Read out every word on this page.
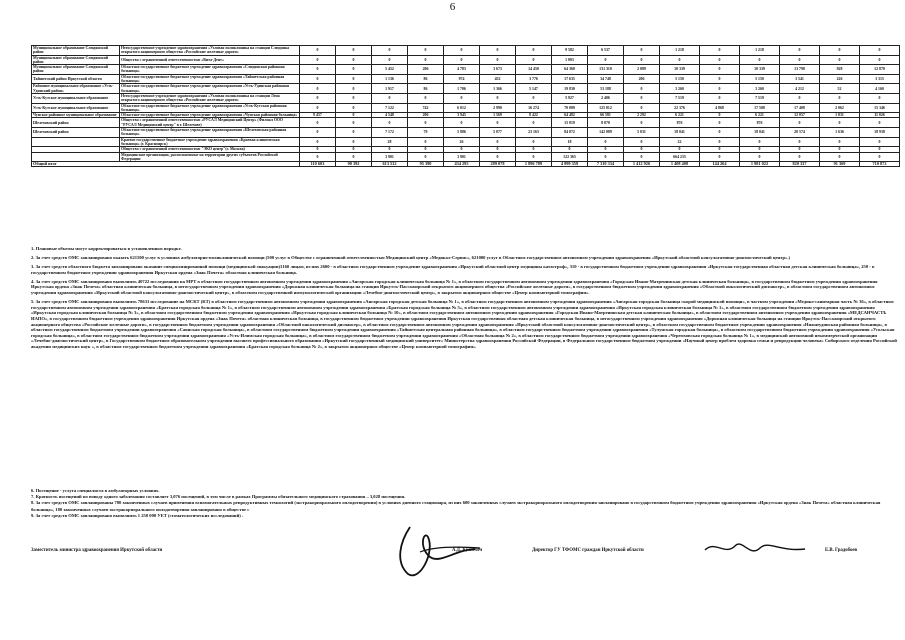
6
Муниципальное образование Слюдянский район	Негосударственное учреждение здравоохранения «Узловая поликлиника на станции Слюдянка открытого акционерного общества «Российские железные дороги»	0	0	0	0	0	0	0	9 582	6 537	0	1 218	0	1 218	0	0	0
Муниципальное образование Слюдянский район	Общество с ограниченной ответственностью «Вита-Дент»	0	0	0	0	0	0	0	1 003	0	0	0	0	0	0	0	0
Муниципальное образование Слюдянский район	Областное государственное бюджетное учреждение здравоохранения «Слюдянская районная больница»	0	0	5 452	206	4 783	3 673	14 450	64 360	131 310	2 089	10 339	0	10 339	13 798	928	12 870
Тайшетский район Иркутской области	Областное государственное бюджетное учреждение здравоохранения «Тайшетская районная больница»	0	0	1 136	86	974	452	3 776	17 635	34 748	206	5 150	0	5 150	3 541	226	3 315
Районное муниципальное образование «Усть-Удинский район»	Областное государственное бюджетное учреждение здравоохранения «Усть-Удинская районная больница»	0	0	1 917	86	1 706	1 366	5 147	19 830	53 188	0	3 260	0	3 260	4 212	52	4 160
Усть-Кутское муниципальное образование	Негосударственное учреждение здравоохранения «Узловая поликлиника на станции Лена открытого акционерного общества «Российские железные дороги»	0	0	0	0	0	0	0	5 927	2 406	0	7 519	0	7 519	0	0	0
Усть-Кутское муниципальное образование	Областное государственное бюджетное учреждение здравоохранения «Усть-Кутская районная больница»	0	0	7 122	742	6 012	2 990	16 274	70 009	125 012	0	22 376	4 868	17 508	17 408	2 062	15 346
Чунское районное муниципальное образование	Областное государственное бюджетное учреждение здравоохранения «Чунская районная больница»	9 457	0	4 548	206	3 945	1 569	8 422	64 482	66 581	2 292	6 221	0	6 221	12 057	1 031	11 026
Шелеховский район	Общество с ограниченной ответственностью «РУСАЛ Медицинский Центр» (Филиал ООО "РУСАЛ Медицинский центр" в г. Шелехове)	0	0	0	0	0	0	0	15 819	8 070	0	876	0	876	0	0	0
Шелеховский район	Областное государственное бюджетное учреждение здравоохранения «Шелеховская районная больница»	0	0	7 172	79	5 886	5 077	23 163	84 072	142 089	5 031	18 041	0	18 041	20 574	1 636	18 938
	Краевое государственное бюджетное учреждение здравоохранения «Краевая клиническая больница» (г. Красноярск)	0	0	28	0	26	0	0	18	0	0	22	0	0	0	0	0
	Общество с ограниченной ответственностью "ЭКО центр"(г. Москва)	0	0	0	0	0	0	0	0	0	0	0	0	0	0	0	0
	Медицинские организации, расположенные на территории других субъектов Российской Федерации	0	0	3 901	0	3 901	0	0	122 365	0	0	664 235	0	0	0	0	0
Общий итог		110 603	90 392	613 532	95 390	434 295	289 078	1 896 789	4 999 359	7 310 334	1 412 926	1 408 408	144 264	1 981 022	820 337	91 369	710 872

1. Плановые объемы могут корректироваться в установленном порядке.

2. За счет средств ОМС запланировано оказать 621500 услуг в условиях амбулаторно-поликлинической помощи (500 услуг в Обществе с ограниченной ответственностью Медицинский центр «Медикал-Сервис», 621000 услуг в Областном государственном автономном учреждении здравоохранения «Иркутский областной консультативно-диагностический центр».)

3. За счет средств областного бюджета запланировано оказание специализированной помощи (медицинской эвакуации)3160 лицам, из них 2600 - в областном государственном учреждение здравоохранения «Иркутский областной центр медицины катастроф», 310 - в государственном бюджетном учреждении здравоохранения «Иркутская государственная областная детская клиническая больница», 250 - в государственном бюджетном учреждении здравоохранения Иркутская ордена «Знак Почета» областная клиническая больница.

4. За счет средств ОМС запланировано выполнить 40722 исследования на МРТ в областном государственном автономном учреждении здравоохранения «Ангарская городская клиническая больница № 1», в областном государственном автономном учреждении здравоохранения «Городская Ивано-Матренинская детская клиническая больница», в государственном бюджетном учреждении здравоохранения Иркутская ордена «Знак Почета» областная клиническая больница, в негосударственном учреждении здравоохранения «Дорожная клиническая больница на станции Иркутск-Пассажирский открытого акционерного общества «Российские железные дороги», в государственном бюджетном учреждении здравоохранения «Областной онкологический диспансер», в областном государственном автономном учреждении здравоохранения «Иркутский областной консультативно-диагностический центр», в областном государственной иммунологической организации «Лечебно-диагностический центр», в закрытом акционерном обществе «Центр компьютерной томографии».

5. За счет средств ОМС запланировано выполнить 78631 исследование на МСКТ (КТ) в областном государственном автономном учреждении здравоохранения «Ангарская городская детская больница № 1», в областном государственном автономном учреждении здравоохранения «Ангарская городская больница скорой медицинской помощи», в частном учреждении «Медико-санитарная часть № 36», в областном государственном автономном учреждении здравоохранения «Братская городская больница № 1», в областном государственном автономном учреждении здравоохранения «Братская городская больница № 5», в областном государственном автономном учреждении здравоохранения «Иркутская городская клиническая больница № 1», в областном государственном бюджетном учреждении здравоохранения «Иркутская городская клиническая больница № 3», в областном государственном бюджетном учреждении здравоохранения «Иркутская городская клиническая больница № 10», в областном государственном автономном учреждении здравоохранения «Городская Ивано-Матренинская детская клиническая больница», в областном государственном автономном учреждении здравоохранения «МЕДСАНЧАСТЬ ИАПО», в государственном бюджетном учреждении здравоохранения Иркутская ордена «Знак Почета» областная клиническая больница, в государственном бюджетном учреждении здравоохранения Иркутская государственная областная детская клиническая больница, в негосударственном учреждении здравоохранения «Дорожная клиническая больница на станции Иркутск-Пассажирский открытого акционерного общества «Российские железные дороги», в государственном бюджетном учреждении здравоохранения «Областной онкологический диспансер», в областном государственном автономном учреждении здравоохранения «Иркутский областной консультативно-диагностический центр», в областном государственном бюджетном учреждении здравоохранения «Нижнеудинская районная больница», в областном государственном бюджетном учреждении здравоохранения «Саянская городская больница», в областном государственном бюджетном учреждении здравоохранения «Тайшетская центральная районная больница», в областном государственном бюджетном учреждении здравоохранения «Тулунская городская больница», в областном государственном бюджетном учреждении здравоохранения «Усольская городская больница», в областном государственном бюджетном учреждении здравоохранения «Усть-Илимская городская больница», в областном государственном бюджетном учреждении здравоохранения «Областная больница № 2», в областном государственном бюджетном учреждении здравоохранения «Черемховская городская больница № 1», в медицинской автономной некоммерческой организации «Лечебно-диагностический центр», в Государственном бюджетном образовательном учреждении высшего профессионального образования «Иркутский государственный медицинский университет» Министерства здравоохранения Российской Федерации, в Федеральном государственном бюджетном учреждении «Научный центр проблем здоровья семьи и репродукции человека» Сибирского отделения Российской академии медицинских наук », в областном государственном бюджетном учреждении здравоохранения «Братская городская больница № 2», в закрытом акционерном обществе «Центр компьютерной томографии».

6. Посещение - услуга специалиста в амбулаторных условиях.

7. Кратность посещений по поводу одного заболевания составляет 3,076 посещений, в том числе в рамках Программы обязательного медицинского страхования – 3,028 посещения.

8. За счет средств ОМС запланированы 780 законченных случаев применения вспомогательных репродуктивных технологий (экстракорпорального оплодотворения) в условиях дневного стационара, из них 600 законченных случаев экстракорпорального оплодотворения запланировано в государственном бюджетном учреждении здравоохранения «Иркутская ордена «Знак Почета» областная клиническая больница», 180 законченных случаев экстракорпорального оплодотворения запланировано в обществе с

9. За счет средств ОМС запланировано выполнить 1 250 000 УЕТ (стоматологических исследований) .

Заместитель министра здравоохранения Иркутской области	А.Д. Кузнечеч	Директор ГУ ТФОМС граждан Иркутской области	Е.В. Градобоев
